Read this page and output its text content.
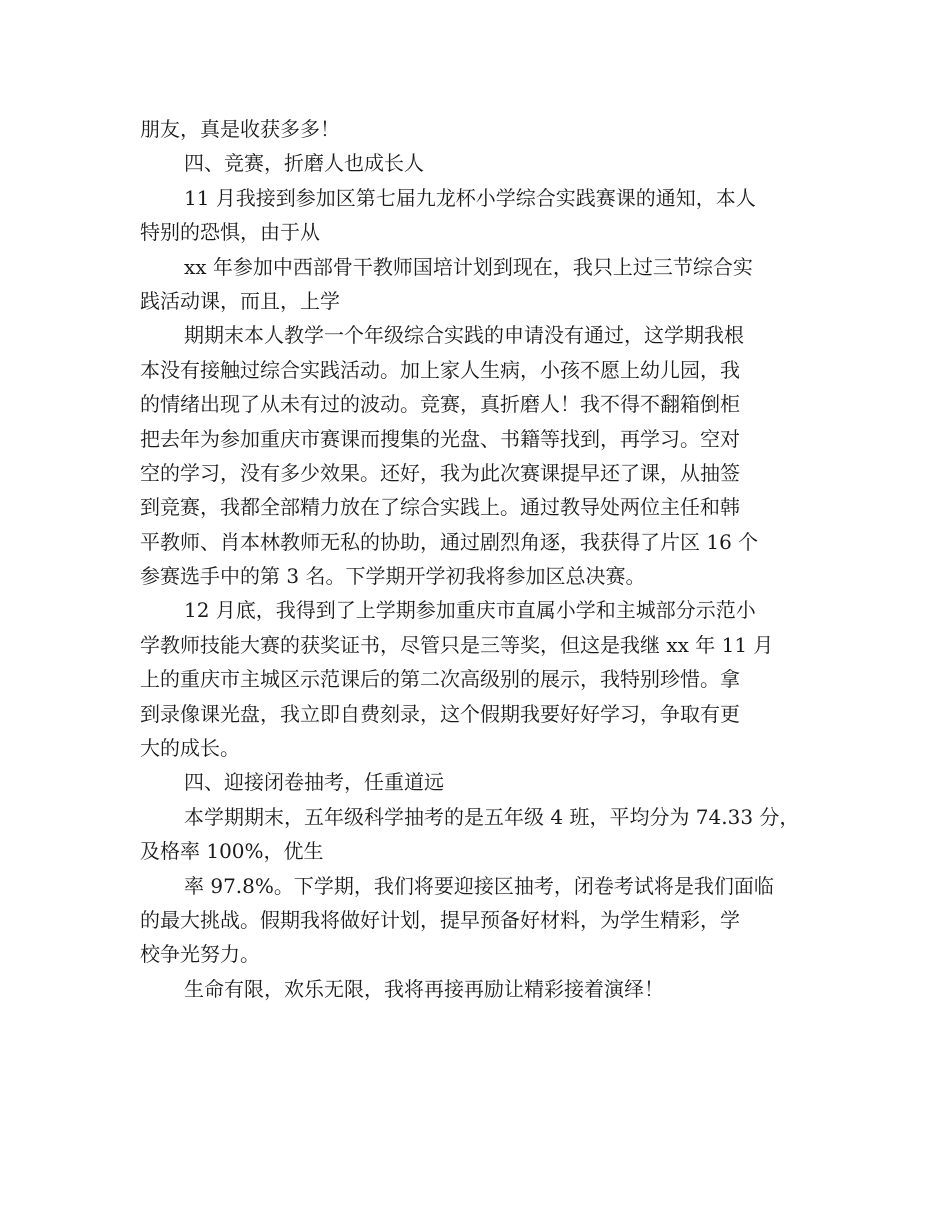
朋友，真是收获多多！
四、竞赛，折磨人也成长人
11 月我接到参加区第七届九龙杯小学综合实践赛课的通知，本人
特别的恐惧，由于从
xx 年参加中西部骨干教师国培计划到现在，我只上过三节综合实
践活动课，而且，上学
期期末本人教学一个年级综合实践的申请没有通过，这学期我根
本没有接触过综合实践活动。加上家人生病，小孩不愿上幼儿园，我
的情绪出现了从未有过的波动。竞赛，真折磨人！我不得不翻箱倒柜
把去年为参加重庆市赛课而搜集的光盘、书籍等找到，再学习。空对
空的学习，没有多少效果。还好，我为此次赛课提早还了课，从抽签
到竞赛，我都全部精力放在了综合实践上。通过教导处两位主任和韩
平教师、肖本林教师无私的协助，通过剧烈角逐，我获得了片区 16 个
参赛选手中的第 3 名。下学期开学初我将参加区总决赛。
12 月底，我得到了上学期参加重庆市直属小学和主城部分示范小
学教师技能大赛的获奖证书，尽管只是三等奖，但这是我继 xx 年 11 月
上的重庆市主城区示范课后的第二次高级别的展示，我特别珍惜。拿
到录像课光盘，我立即自费刻录，这个假期我要好好学习，争取有更
大的成长。
四、迎接闭卷抽考，任重道远
本学期期末，五年级科学抽考的是五年级 4 班，平均分为 74.33 分，
及格率 100%，优生
率 97.8%。下学期，我们将要迎接区抽考，闭卷考试将是我们面临
的最大挑战。假期我将做好计划，提早预备好材料，为学生精彩，学
校争光努力。
生命有限，欢乐无限，我将再接再励让精彩接着演绎！
